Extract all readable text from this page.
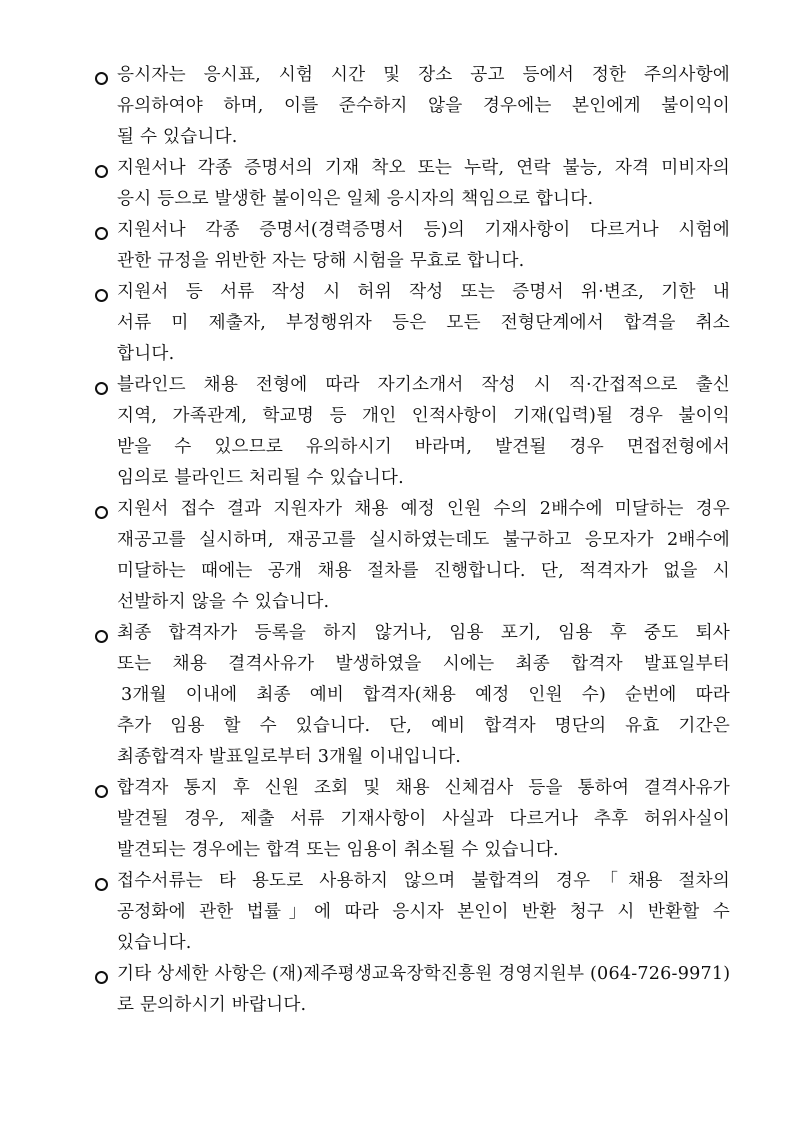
응시자는 응시표, 시험 시간 및 장소 공고 등에서 정한 주의사항에
유의하여야 하며, 이를 준수하지 않을 경우에는 본인에게 불이익이
될 수 있습니다.
지원서나 각종 증명서의 기재 착오 또는 누락, 연락 불능, 자격 미비자의
응시 등으로 발생한 불이익은 일체 응시자의 책임으로 합니다.
지원서나 각종 증명서(경력증명서 등)의 기재사항이 다르거나 시험에
관한 규정을 위반한 자는 당해 시험을 무효로 합니다.
지원서 등 서류 작성 시 허위 작성 또는 증명서 위·변조, 기한 내
서류 미 제출자, 부정행위자 등은 모든 전형단계에서 합격을 취소
합니다.
블라인드 채용 전형에 따라 자기소개서 작성 시 직·간접적으로 출신
지역, 가족관계, 학교명 등 개인 인적사항이 기재(입력)될 경우 불이익
받을 수 있으므로 유의하시기 바라며, 발견될 경우 면접전형에서
임의로 블라인드 처리될 수 있습니다.
지원서 접수 결과 지원자가 채용 예정 인원 수의 2배수에 미달하는 경우
재공고를 실시하며, 재공고를 실시하였는데도 불구하고 응모자가 2배수에
미달하는 때에는 공개 채용 절차를 진행합니다. 단, 적격자가 없을 시
선발하지 않을 수 있습니다.
최종 합격자가 등록을 하지 않거나, 임용 포기, 임용 후 중도 퇴사
또는 채용 결격사유가 발생하였을 시에는 최종 합격자 발표일부터
3개월 이내에 최종 예비 합격자(채용 예정 인원 수) 순번에 따라
추가 임용 할 수 있습니다. 단, 예비 합격자 명단의 유효 기간은
최종합격자 발표일로부터 3개월 이내입니다.
합격자 통지 후 신원 조회 및 채용 신체검사 등을 통하여 결격사유가
발견될 경우, 제출 서류 기재사항이 사실과 다르거나 추후 허위사실이
발견되는 경우에는 합격 또는 임용이 취소될 수 있습니다.
접수서류는 타 용도로 사용하지 않으며 불합격의 경우「채용 절차의
공정화에 관한 법률」에 따라 응시자 본인이 반환 청구 시 반환할 수
있습니다.
기타 상세한 사항은 (재)제주평생교육장학진흥원 경영지원부 (064-726-9971)
로 문의하시기 바랍니다.
